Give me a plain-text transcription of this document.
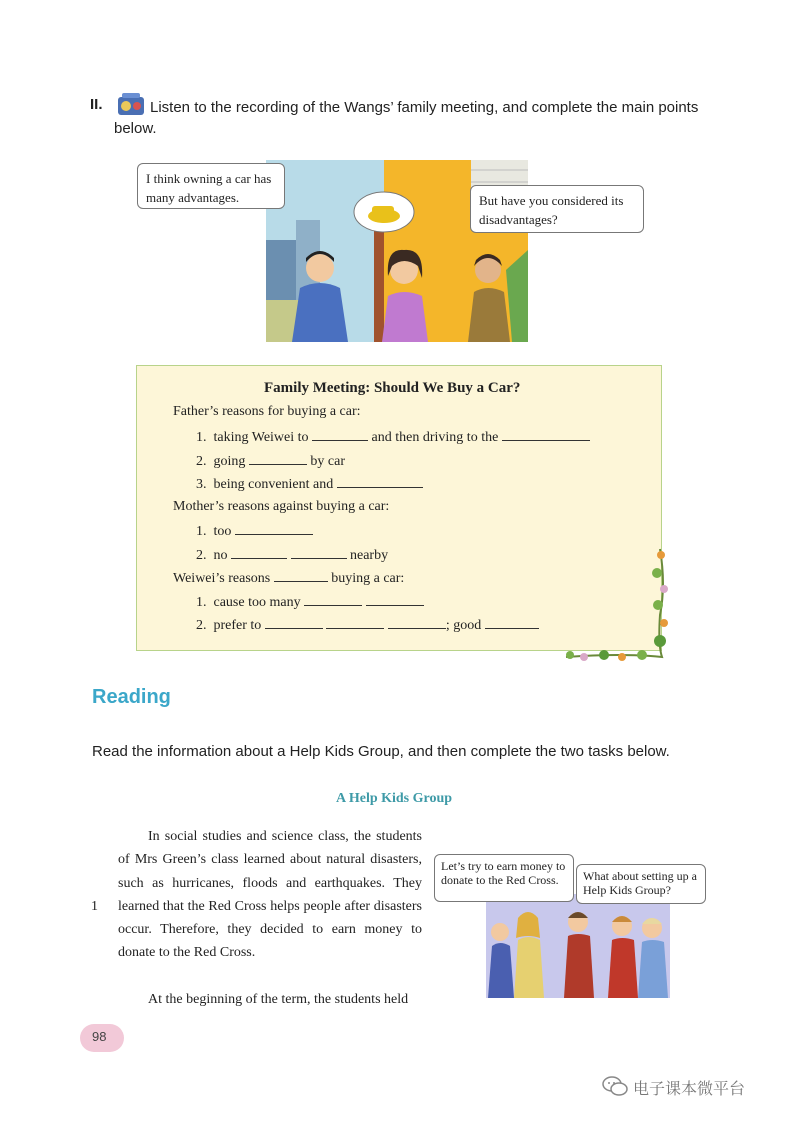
II.	Listen to the recording of the Wangs’ family meeting, and complete the main points
below.
I think owning a car has many advantages.	But have you considered its disadvantages?
Family Meeting: Should We Buy a Car?
Father’s reasons for buying a car:
1. taking Weiwei to	and then driving to the
2. going	by car
3. being convenient and
Mother’s reasons against buying a car:
1. too
2. no	nearby
Weiwei’s reasons	buying a car:
1. cause too many
2. prefer to	; good
Reading
Read the information about a Help Kids Group, and then complete the two tasks below.
A Help Kids Group
1
In social studies and science class, the students of Mrs Green’s class learned about natural disasters, such as hurricanes, floods and earthquakes. They learned that the Red Cross helps people after disasters occur. Therefore, they decided to earn money to donate to the Red Cross.
At the beginning of the term, the students held
Let’s try to earn money to donate to the Red Cross.	What about setting up a Help Kids Group?
98
电子课本微平台
